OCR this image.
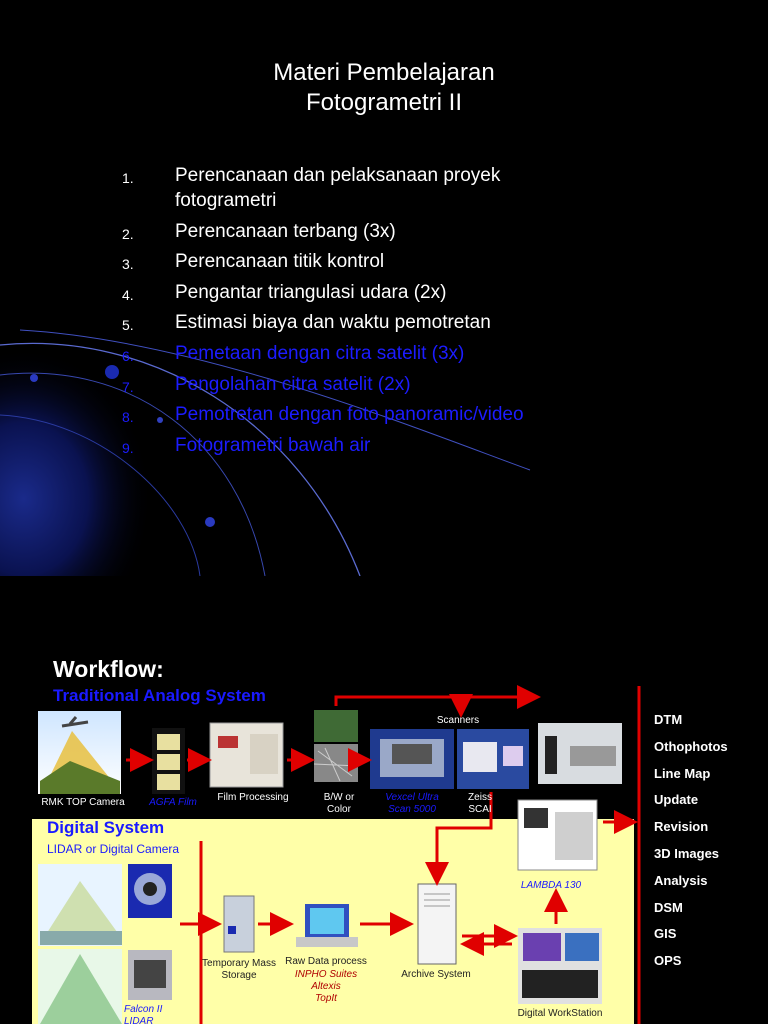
Materi Pembelajaran
Fotogrametri II
1. Perencanaan dan pelaksanaan proyek fotogrametri
2. Perencanaan terbang (3x)
3. Perencanaan titik kontrol
4. Pengantar triangulasi udara (2x)
5. Estimasi biaya dan waktu pemotretan
6. Pemetaan dengan citra satelit (3x)
7. Pengolahan citra satelit (2x)
8. Pemotretan dengan foto panoramic/video
9. Fotogrametri bawah air
Workflow:
Traditional Analog System
Digital System
LIDAR or Digital Camera
RMK TOP Camera	AGFA Film	Film Processing	B/W or Color
Scanners
Vexcel Ultra Scan 5000
Zeiss SCAI
LAMBDA 130
Temporary Mass Storage
Raw Data process
INPHO Suites
Altexis
TopIt
Archive System
Digital WorkStation
Falcon II LIDAR
DTM
Othophotos
Line Map
Update
Revision
3D Images
Analysis
DSM
GIS
OPS
